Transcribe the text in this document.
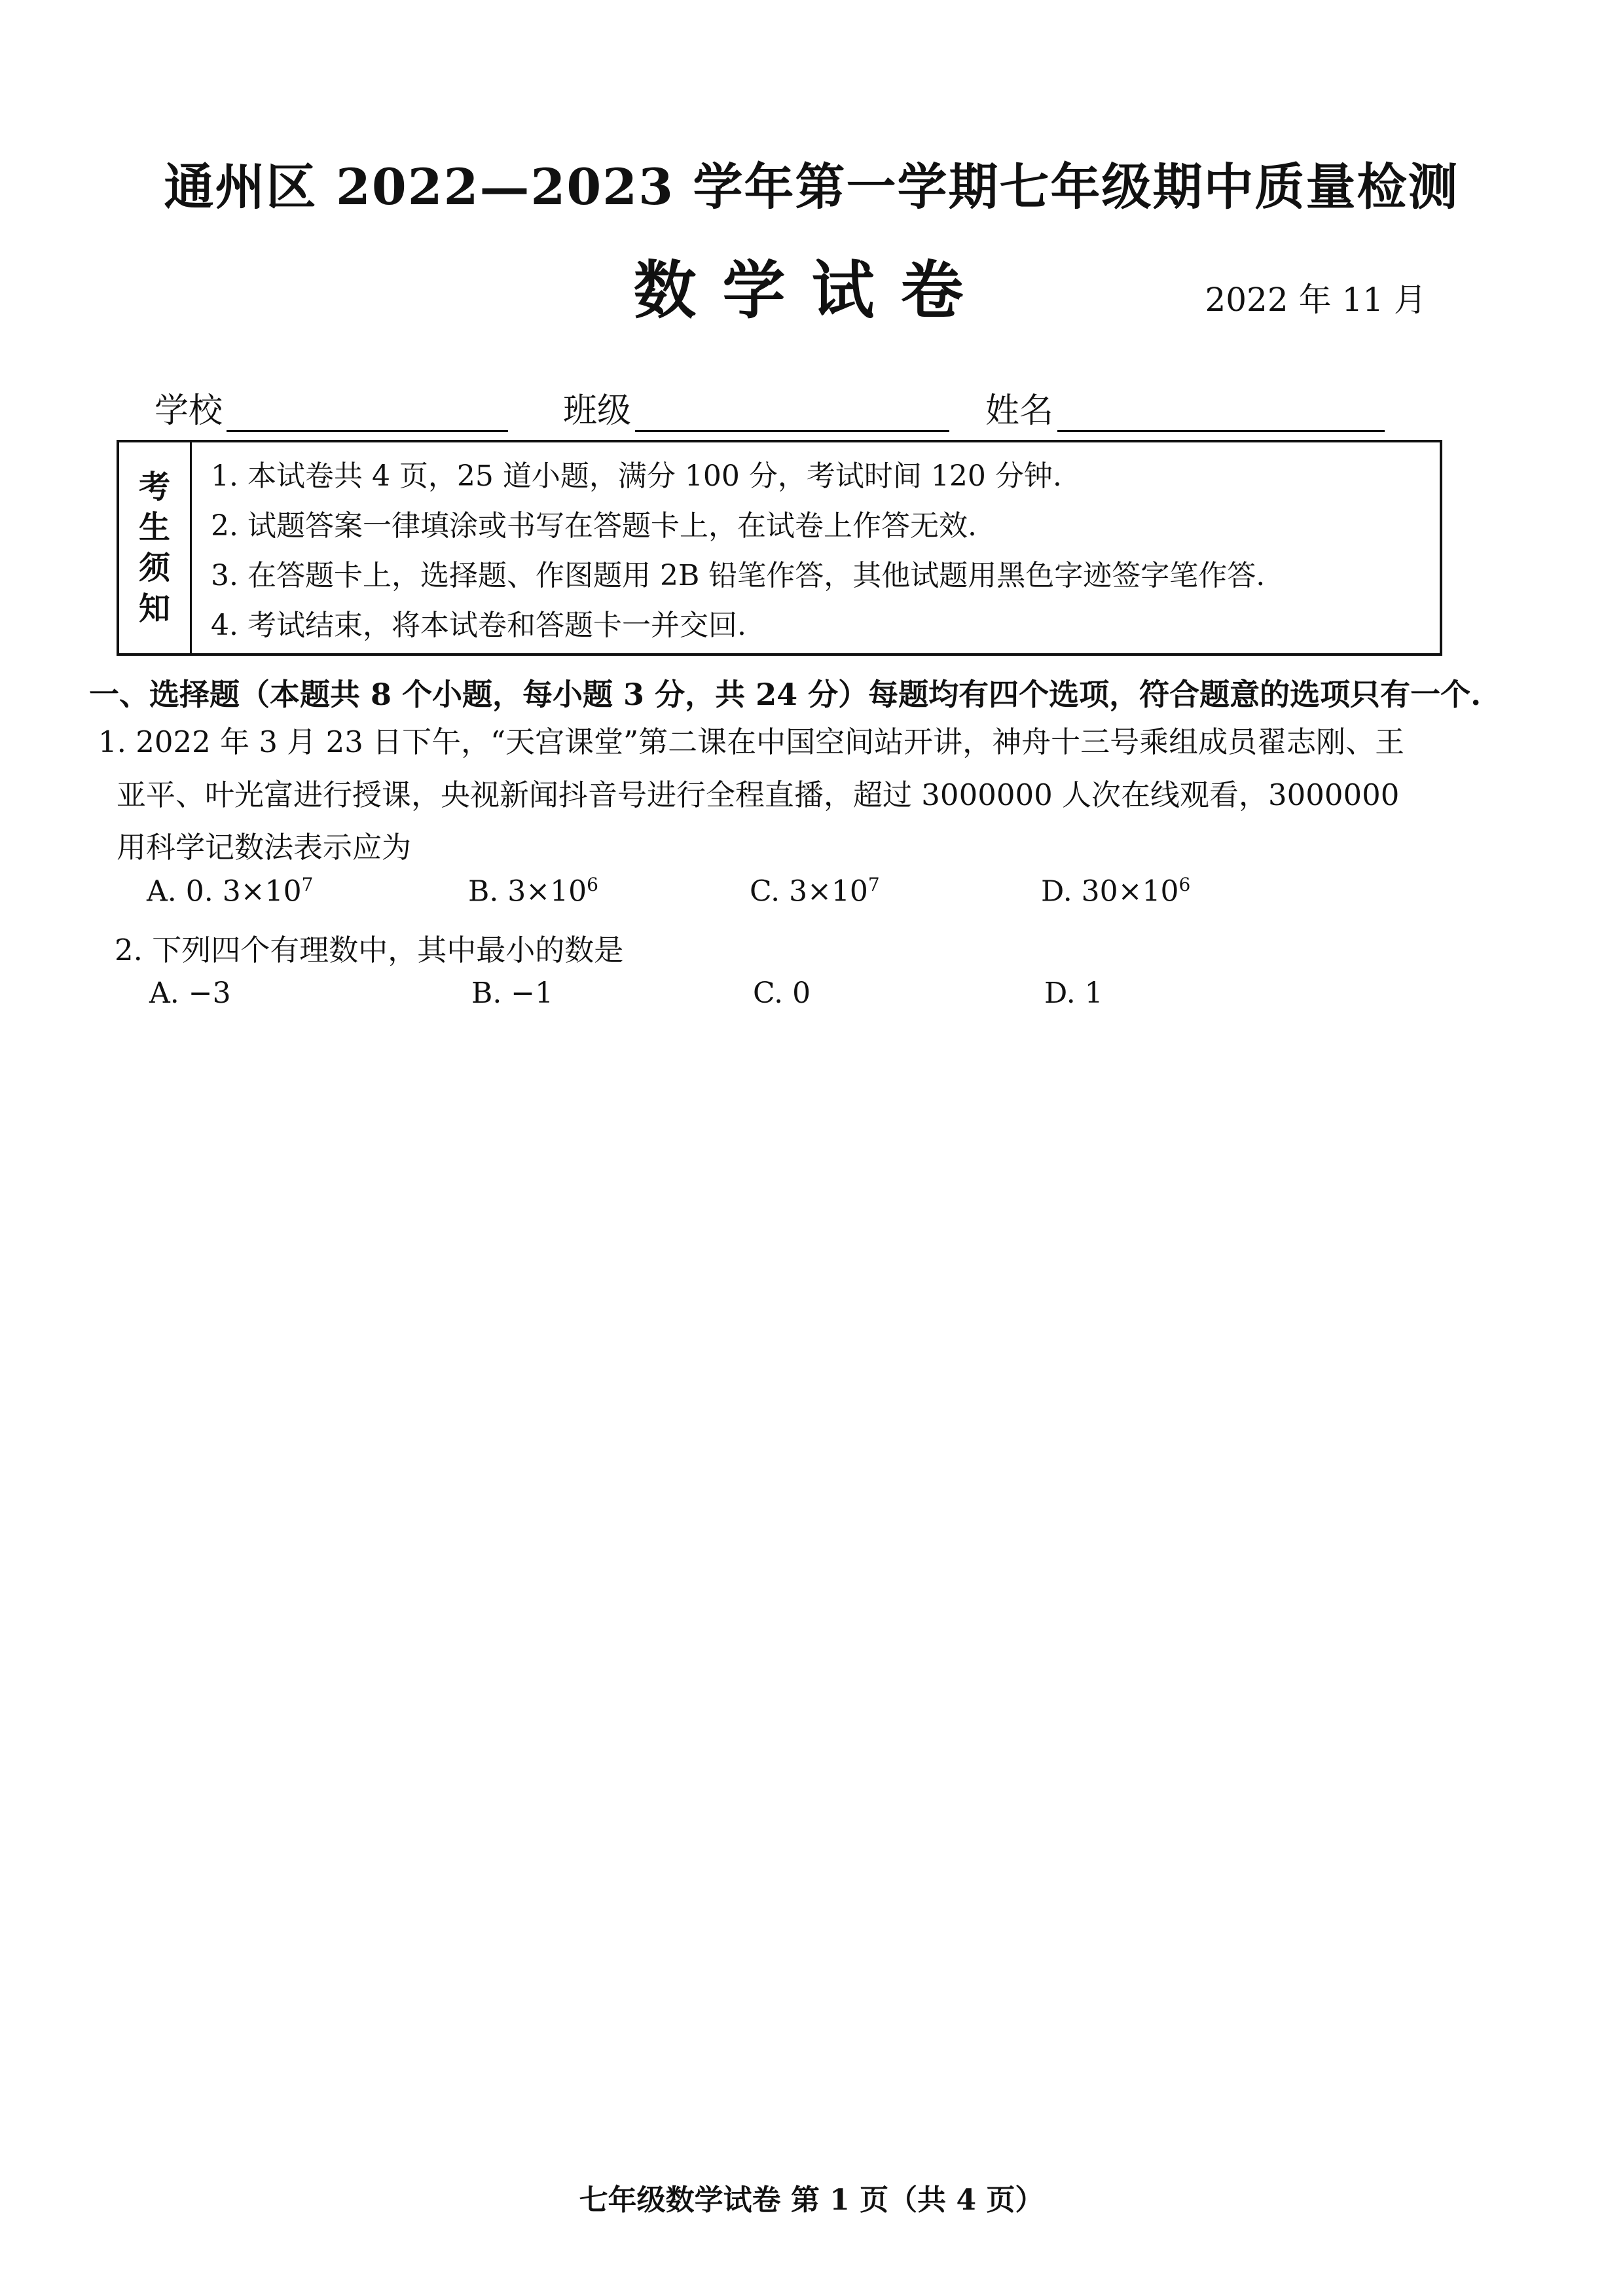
通州区 2022—2023 学年第一学期七年级期中质量检测
数学试卷	2022 年 11 月
学校	班级	姓名
考
生
须
知
1. 本试卷共 4 页，25 道小题，满分 100 分，考试时间 120 分钟.
2. 试题答案一律填涂或书写在答题卡上，在试卷上作答无效.
3. 在答题卡上，选择题、作图题用 2B 铅笔作答，其他试题用黑色字迹签字笔作答.
4. 考试结束，将本试卷和答题卡一并交回.
一、选择题（本题共 8 个小题，每小题 3 分，共 24 分）每题均有四个选项，符合题意的选项只有一个.
1. 2022 年 3 月 23 日下午，“天宫课堂”第二课在中国空间站开讲，神舟十三号乘组成员翟志刚、王
亚平、叶光富进行授课，央视新闻抖音号进行全程直播，超过 3000000 人次在线观看，3000000
用科学记数法表示应为
A. 0. $3\times 10^7$	B. $3\times 10^6$	C. $3\times 10^7$	D. $30\times 10^6$
2. 下列四个有理数中，其中最小的数是
A. −3	B. −1	C. 0	D. 1
七年级数学试卷 第 1 页（共 4 页）
